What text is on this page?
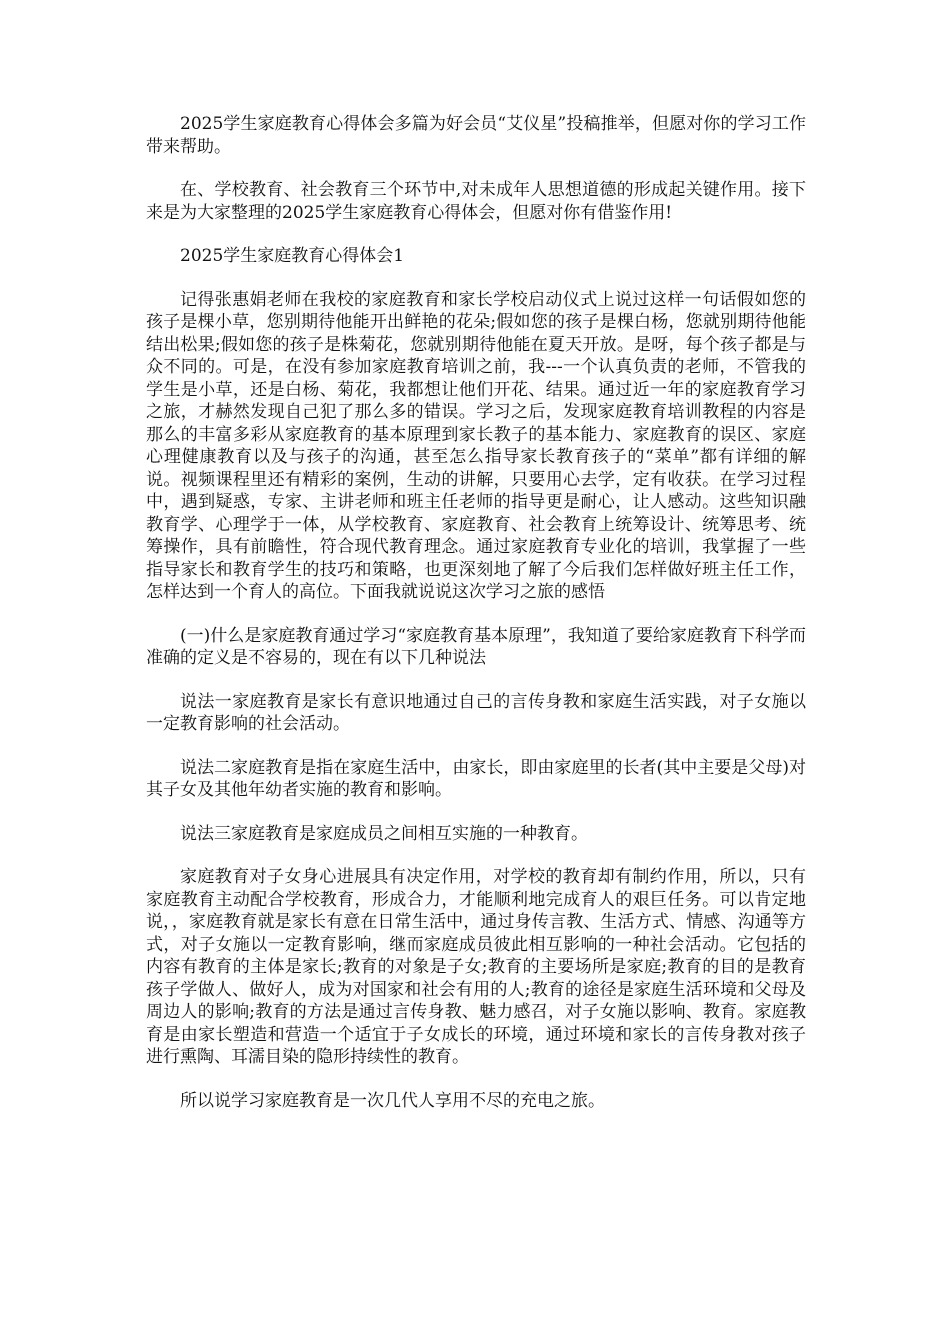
2025学生家庭教育心得体会多篇为好会员“艾仪星”投稿推举，但愿对你的学习工作带来帮助。

在、学校教育、社会教育三个环节中,对未成年人思想道德的形成起关键作用。接下来是为大家整理的2025学生家庭教育心得体会，但愿对你有借鉴作用!

2025学生家庭教育心得体会1

记得张惠娟老师在我校的家庭教育和家长学校启动仪式上说过这样一句话假如您的孩子是棵小草，您别期待他能开出鲜艳的花朵;假如您的孩子是棵白杨，您就别期待他能结出松果;假如您的孩子是株菊花，您就别期待他能在夏天开放。是呀，每个孩子都是与众不同的。可是，在没有参加家庭教育培训之前，我---一个认真负责的老师，不管我的学生是小草，还是白杨、菊花，我都想让他们开花、结果。通过近一年的家庭教育学习之旅，才赫然发现自己犯了那么多的错误。学习之后，发现家庭教育培训教程的内容是那么的丰富多彩从家庭教育的基本原理到家长教子的基本能力、家庭教育的误区、家庭心理健康教育以及与孩子的沟通，甚至怎么指导家长教育孩子的“菜单”都有详细的解说。视频课程里还有精彩的案例，生动的讲解，只要用心去学，定有收获。在学习过程中，遇到疑惑，专家、主讲老师和班主任老师的指导更是耐心，让人感动。这些知识融教育学、心理学于一体，从学校教育、家庭教育、社会教育上统筹设计、统筹思考、统筹操作，具有前瞻性，符合现代教育理念。通过家庭教育专业化的培训，我掌握了一些指导家长和教育学生的技巧和策略，也更深刻地了解了今后我们怎样做好班主任工作，怎样达到一个育人的高位。下面我就说说这次学习之旅的感悟

(一)什么是家庭教育通过学习“家庭教育基本原理”，我知道了要给家庭教育下科学而准确的定义是不容易的，现在有以下几种说法

说法一家庭教育是家长有意识地通过自己的言传身教和家庭生活实践，对子女施以一定教育影响的社会活动。

说法二家庭教育是指在家庭生活中，由家长，即由家庭里的长者(其中主要是父母)对其子女及其他年幼者实施的教育和影响。

说法三家庭教育是家庭成员之间相互实施的一种教育。

家庭教育对子女身心进展具有决定作用，对学校的教育却有制约作用，所以，只有家庭教育主动配合学校教育，形成合力，才能顺利地完成育人的艰巨任务。可以肯定地说，，家庭教育就是家长有意在日常生活中，通过身传言教、生活方式、情感、沟通等方式，对子女施以一定教育影响，继而家庭成员彼此相互影响的一种社会活动。它包括的内容有教育的主体是家长;教育的对象是子女;教育的主要场所是家庭;教育的目的是教育孩子学做人、做好人，成为对国家和社会有用的人;教育的途径是家庭生活环境和父母及周边人的影响;教育的方法是通过言传身教、魅力感召，对子女施以影响、教育。家庭教育是由家长塑造和营造一个适宜于子女成长的环境，通过环境和家长的言传身教对孩子进行熏陶、耳濡目染的隐形持续性的教育。

所以说学习家庭教育是一次几代人享用不尽的充电之旅。
